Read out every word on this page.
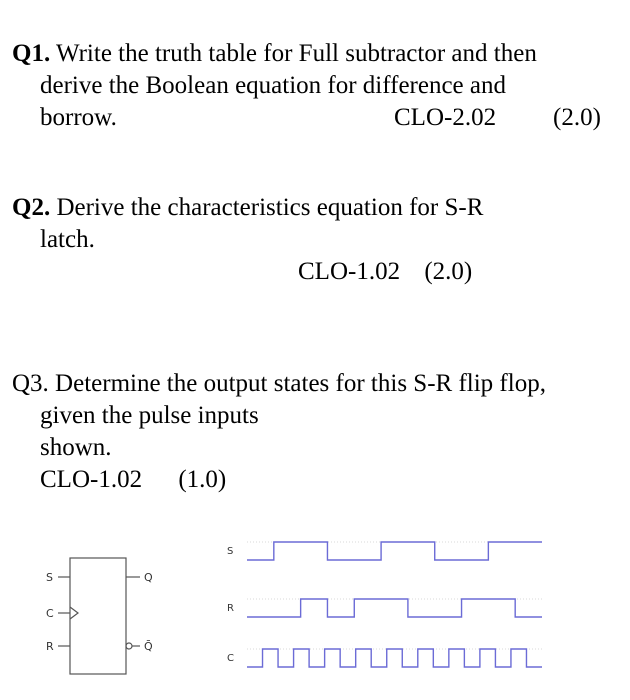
Q1. Write the truth table for Full subtractor and then
derive the Boolean equation for difference and
borrow.	CLO-2.02 (2.0)
Q2. Derive the characteristics equation for S-R
latch.
CLO-1.02 (2.0)
Q3. Determine the output states for this S-R flip flop,
given the pulse inputs
shown.
CLO-1.02 (1.0)
S
C
R
Q
Q̄
S
R
C
